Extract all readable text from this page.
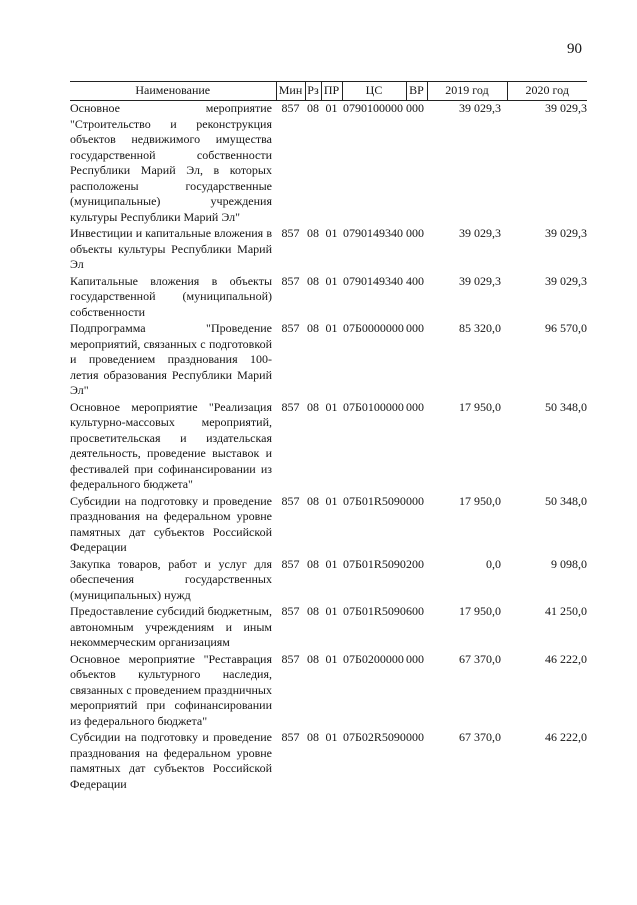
90
Наименование	Мин	Рз	ПР	ЦС	ВР	2019 год	2020 год
Основное мероприятие "Строительство и реконструкция объектов недвижимого имущества государственной собственности Республики Марий Эл, в которых расположены государственные (муниципальные) учреждения культуры Республики Марий Эл"	857	08	01	0790100000	000	39 029,3	39 029,3
Инвестиции и капитальные вложения в объекты культуры Республики Марий Эл	857	08	01	0790149340	000	39 029,3	39 029,3
Капитальные вложения в объекты государственной (муниципальной) собственности	857	08	01	0790149340	400	39 029,3	39 029,3
Подпрограмма "Проведение мероприятий, связанных с подготовкой и проведением празднования 100-летия образования Республики Марий Эл"	857	08	01	07Б0000000	000	85 320,0	96 570,0
Основное мероприятие "Реализация культурно-массовых мероприятий, просветительская и издательская деятельность, проведение выставок и фестивалей при софинансировании из федерального бюджета"	857	08	01	07Б0100000	000	17 950,0	50 348,0
Субсидии на подготовку и проведение празднования на федеральном уровне памятных дат субъектов Российской Федерации	857	08	01	07Б01R5090	000	17 950,0	50 348,0
Закупка товаров, работ и услуг для обеспечения государственных (муниципальных) нужд	857	08	01	07Б01R5090	200	0,0	9 098,0
Предоставление субсидий бюджетным, автономным учреждениям и иным некоммерческим организациям	857	08	01	07Б01R5090	600	17 950,0	41 250,0
Основное мероприятие "Реставрация объектов культурного наследия, связанных с проведением праздничных мероприятий при софинансировании из федерального бюджета"	857	08	01	07Б0200000	000	67 370,0	46 222,0
Субсидии на подготовку и проведение празднования на федеральном уровне памятных дат субъектов Российской Федерации	857	08	01	07Б02R5090	000	67 370,0	46 222,0
